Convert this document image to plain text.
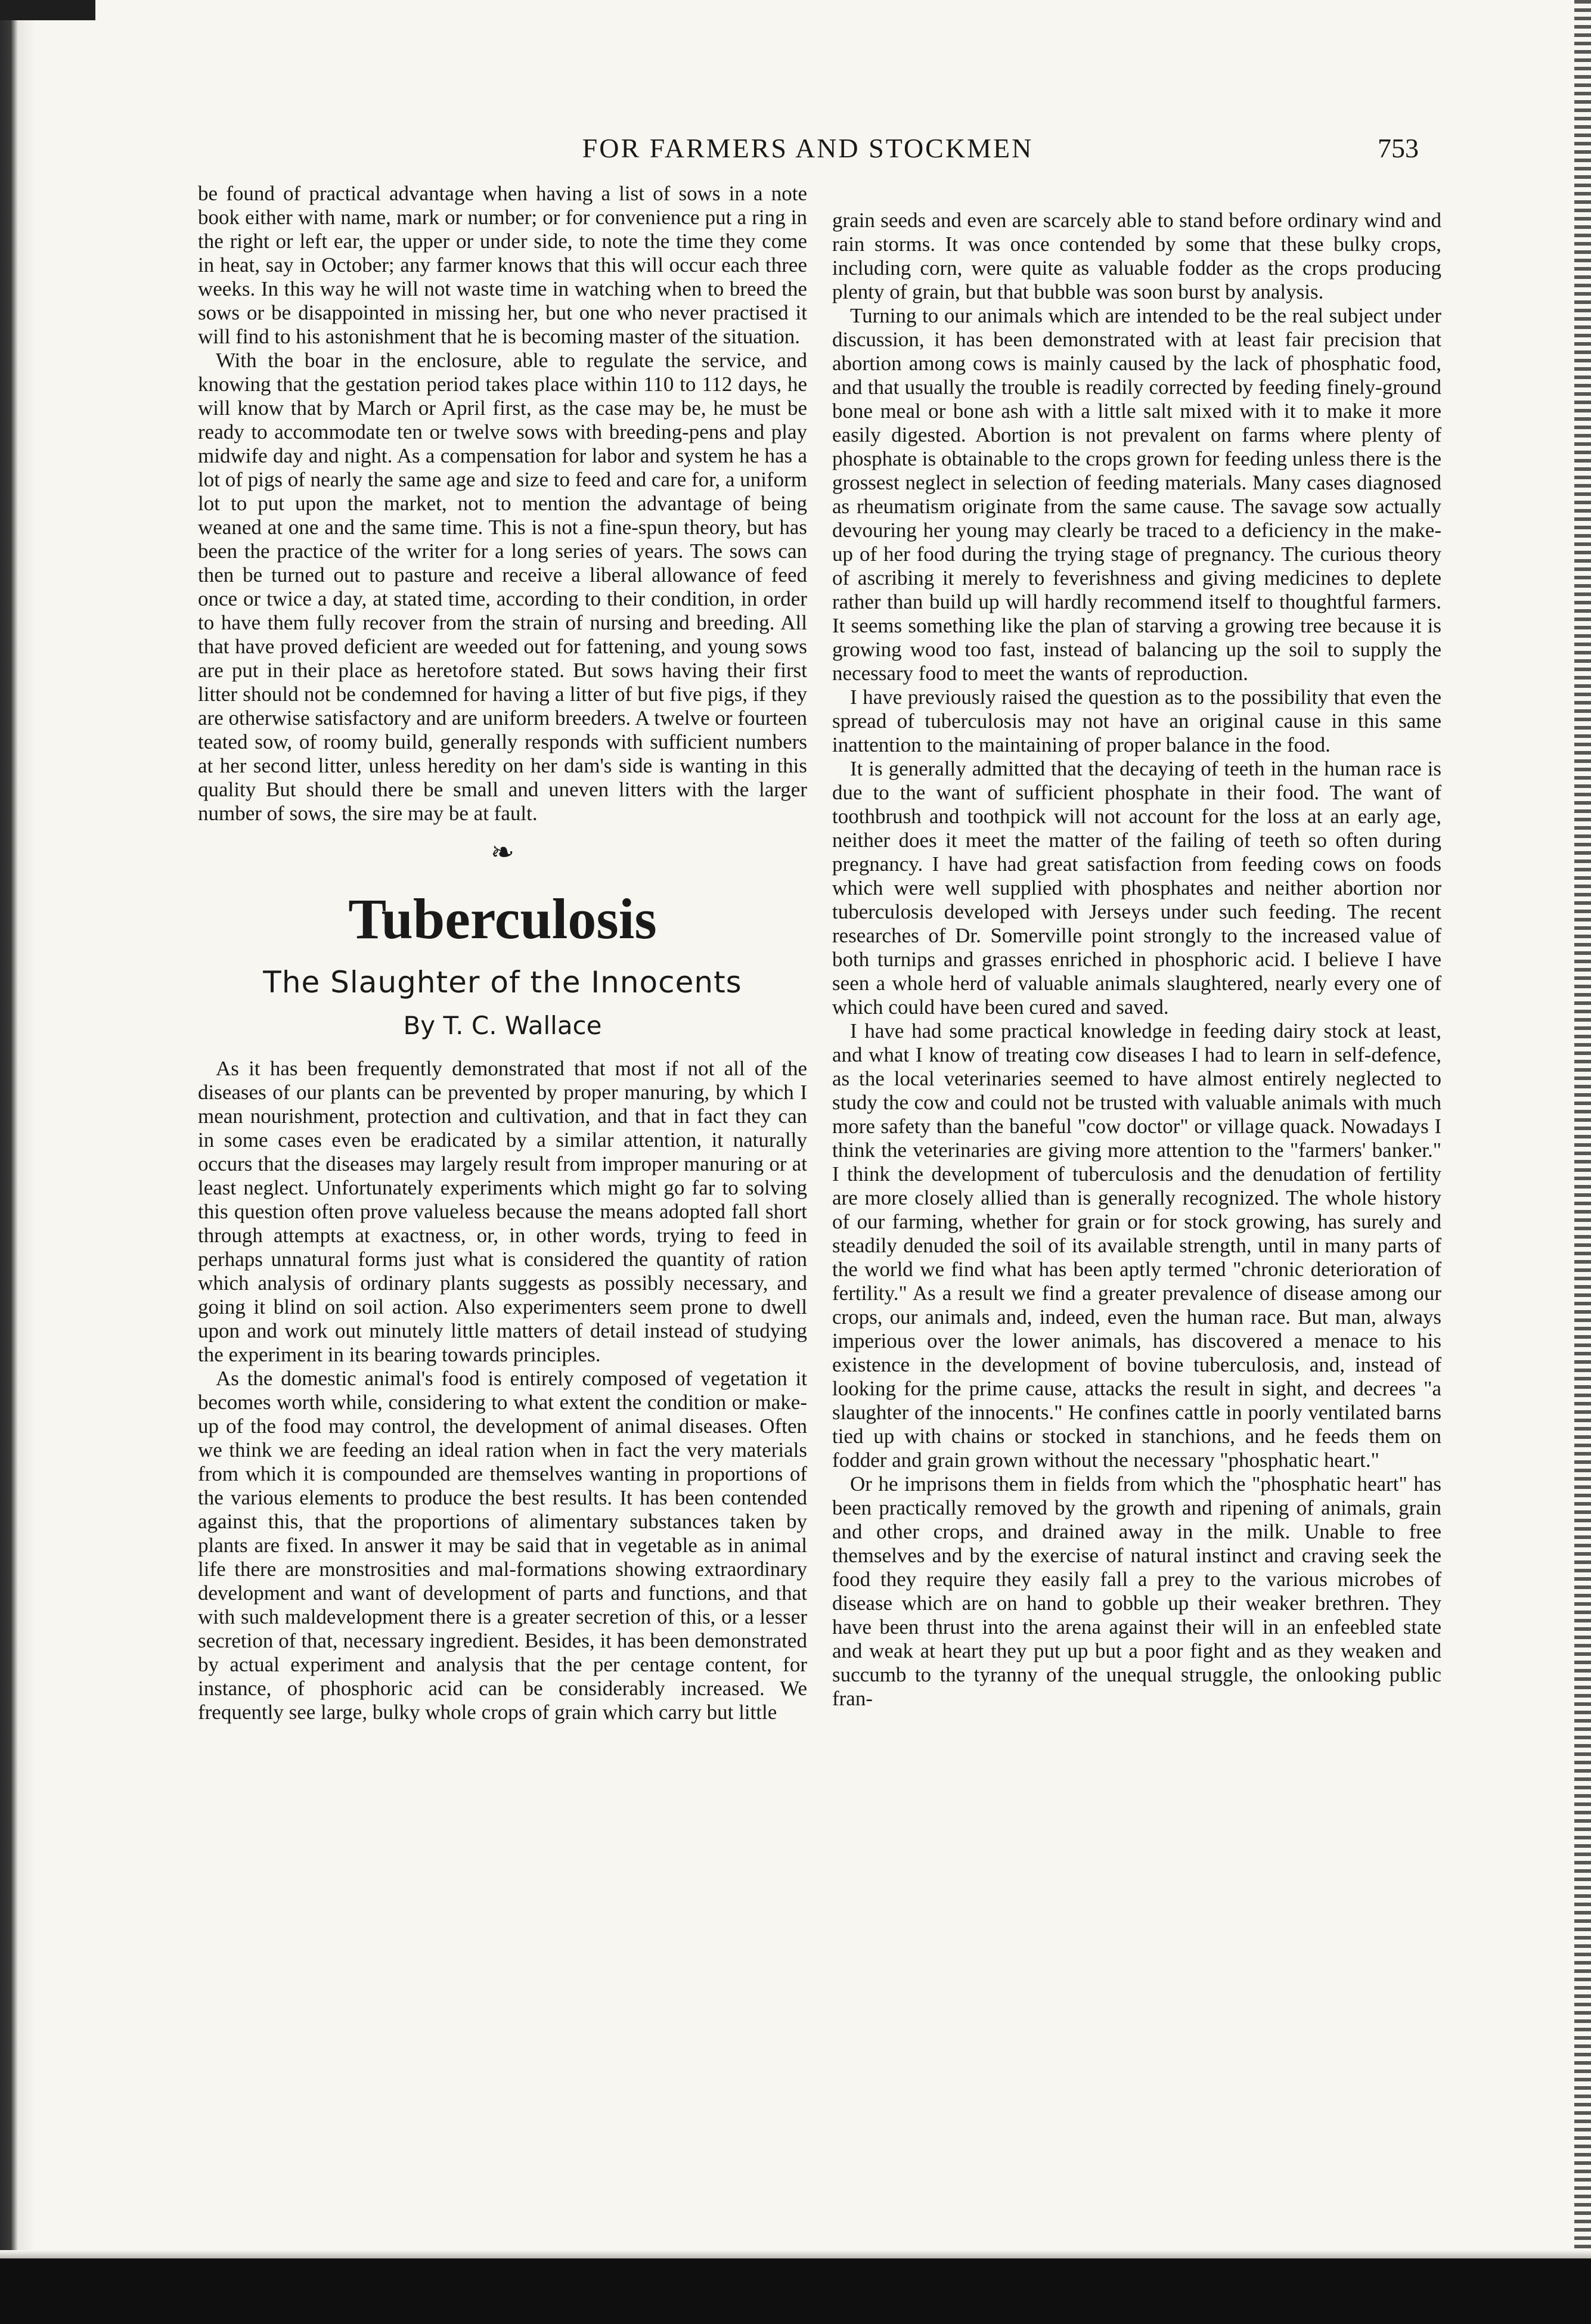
FOR FARMERS AND STOCKMEN	753

be found of practical advantage when having a list of sows in a note book either with name, mark or number; or for convenience put a ring in the right or left ear, the upper or under side, to note the time they come in heat, say in October; any farmer knows that this will occur each three weeks. In this way he will not waste time in watching when to breed the sows or be disappointed in missing her, but one who never practised it will find to his astonishment that he is becoming master of the situation.

With the boar in the enclosure, able to regulate the service, and knowing that the gestation period takes place within 110 to 112 days, he will know that by March or April first, as the case may be, he must be ready to accommodate ten or twelve sows with breeding-pens and play midwife day and night. As a compensation for labor and system he has a lot of pigs of nearly the same age and size to feed and care for, a uniform lot to put upon the market, not to mention the advantage of being weaned at one and the same time. This is not a fine-spun theory, but has been the practice of the writer for a long series of years. The sows can then be turned out to pasture and receive a liberal allowance of feed once or twice a day, at stated time, according to their condition, in order to have them fully recover from the strain of nursing and breeding. All that have proved deficient are weeded out for fattening, and young sows are put in their place as heretofore stated. But sows having their first litter should not be condemned for having a litter of but five pigs, if they are otherwise satisfactory and are uniform breeders. A twelve or fourteen teated sow, of roomy build, generally responds with sufficient numbers at her second litter, unless heredity on her dam's side is wanting in this quality But should there be small and uneven litters with the larger number of sows, the sire may be at fault.

❧
Tuberculosis
The Slaughter of the Innocents
By T. C. Wallace

As it has been frequently demonstrated that most if not all of the diseases of our plants can be prevented by proper manuring, by which I mean nourishment, protection and cultivation, and that in fact they can in some cases even be eradicated by a similar attention, it naturally occurs that the diseases may largely result from improper manuring or at least neglect. Unfortunately experiments which might go far to solving this question often prove valueless because the means adopted fall short through attempts at exactness, or, in other words, trying to feed in perhaps unnatural forms just what is considered the quantity of ration which analysis of ordinary plants suggests as possibly necessary, and going it blind on soil action. Also experimenters seem prone to dwell upon and work out minutely little matters of detail instead of studying the experiment in its bearing towards principles.

As the domestic animal's food is entirely composed of vegetation it becomes worth while, considering to what extent the condition or make-up of the food may control, the development of animal diseases. Often we think we are feeding an ideal ration when in fact the very materials from which it is compounded are themselves wanting in proportions of the various elements to produce the best results. It has been contended against this, that the proportions of alimentary substances taken by plants are fixed. In answer it may be said that in vegetable as in animal life there are monstrosities and mal-formations showing extraordinary development and want of development of parts and functions, and that with such maldevelopment there is a greater secretion of this, or a lesser secretion of that, necessary ingredient. Besides, it has been demonstrated by actual experiment and analysis that the per centage content, for instance, of phosphoric acid can be considerably increased. We frequently see large, bulky whole crops of grain which carry but little

grain seeds and even are scarcely able to stand before ordinary wind and rain storms. It was once contended by some that these bulky crops, including corn, were quite as valuable fodder as the crops producing plenty of grain, but that bubble was soon burst by analysis.

Turning to our animals which are intended to be the real subject under discussion, it has been demonstrated with at least fair precision that abortion among cows is mainly caused by the lack of phosphatic food, and that usually the trouble is readily corrected by feeding finely-ground bone meal or bone ash with a little salt mixed with it to make it more easily digested. Abortion is not prevalent on farms where plenty of phosphate is obtainable to the crops grown for feeding unless there is the grossest neglect in selection of feeding materials. Many cases diagnosed as rheumatism originate from the same cause. The savage sow actually devouring her young may clearly be traced to a deficiency in the make-up of her food during the trying stage of pregnancy. The curious theory of ascribing it merely to feverishness and giving medicines to deplete rather than build up will hardly recommend itself to thoughtful farmers. It seems something like the plan of starving a growing tree because it is growing wood too fast, instead of balancing up the soil to supply the necessary food to meet the wants of reproduction.

I have previously raised the question as to the possibility that even the spread of tuberculosis may not have an original cause in this same inattention to the maintaining of proper balance in the food.

It is generally admitted that the decaying of teeth in the human race is due to the want of sufficient phosphate in their food. The want of toothbrush and toothpick will not account for the loss at an early age, neither does it meet the matter of the failing of teeth so often during pregnancy. I have had great satisfaction from feeding cows on foods which were well supplied with phosphates and neither abortion nor tuberculosis developed with Jerseys under such feeding. The recent researches of Dr. Somerville point strongly to the increased value of both turnips and grasses enriched in phosphoric acid. I believe I have seen a whole herd of valuable animals slaughtered, nearly every one of which could have been cured and saved.

I have had some practical knowledge in feeding dairy stock at least, and what I know of treating cow diseases I had to learn in self-defence, as the local veterinaries seemed to have almost entirely neglected to study the cow and could not be trusted with valuable animals with much more safety than the baneful "cow doctor" or village quack. Nowadays I think the veterinaries are giving more attention to the "farmers' banker." I think the development of tuberculosis and the denudation of fertility are more closely allied than is generally recognized. The whole history of our farming, whether for grain or for stock growing, has surely and steadily denuded the soil of its available strength, until in many parts of the world we find what has been aptly termed "chronic deterioration of fertility." As a result we find a greater prevalence of disease among our crops, our animals and, indeed, even the human race. But man, always imperious over the lower animals, has discovered a menace to his existence in the development of bovine tuberculosis, and, instead of looking for the prime cause, attacks the result in sight, and decrees "a slaughter of the innocents." He confines cattle in poorly ventilated barns tied up with chains or stocked in stanchions, and he feeds them on fodder and grain grown without the necessary "phosphatic heart."

Or he imprisons them in fields from which the "phosphatic heart" has been practically removed by the growth and ripening of animals, grain and other crops, and drained away in the milk. Unable to free themselves and by the exercise of natural instinct and craving seek the food they require they easily fall a prey to the various microbes of disease which are on hand to gobble up their weaker brethren. They have been thrust into the arena against their will in an enfeebled state and weak at heart they put up but a poor fight and as they weaken and succumb to the tyranny of the unequal struggle, the onlooking public fran-
